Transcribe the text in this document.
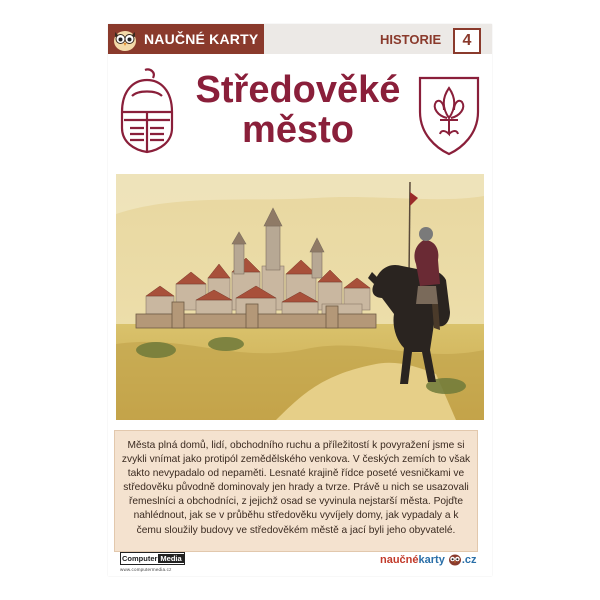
NAUČNÉ KARTY	HISTORIE	4
Středověké
město
Města plná domů, lidí, obchodního ruchu a příležitostí k povyražení jsme si zvykli vnímat jako protipól zemědělského venkova. V českých zemích to však takto nevypadalo od nepaměti. Lesnaté krajině řídce poseté vesničkami ve středověku původně dominovaly jen hrady a tvrze. Právě u nich se usazovali řemeslníci a obchodníci, z jejichž osad se vyvinula nejstarší města. Pojďte nahlédnout, jak se v průběhu středověku vyvíjely domy, jak vypadaly a k čemu sloužily budovy ve středověkém městě a jací byli jeho obyvatelé.
Computer Media
www.computermedia.cz
naučnékarty .cz
